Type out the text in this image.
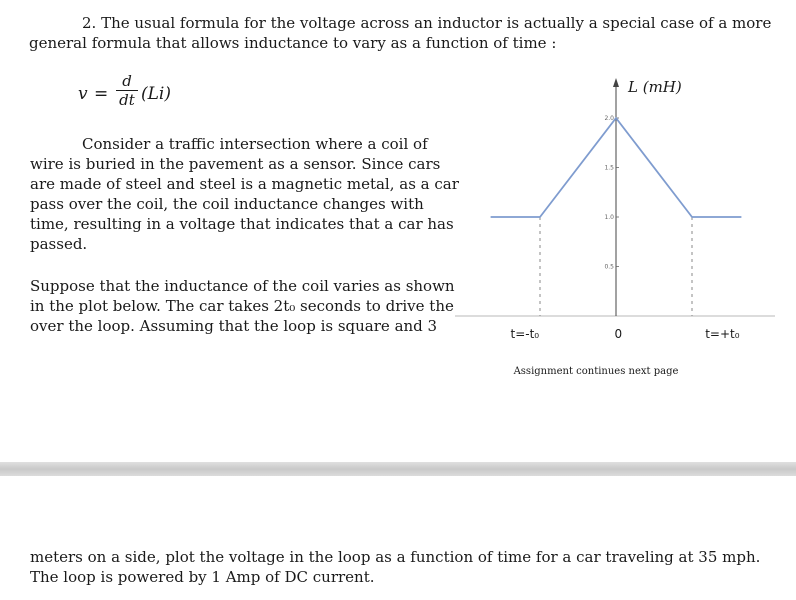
2. The usual formula for the voltage across an inductor is actually a special case of a more
general formula that allows inductance to vary as a function of time :
v =
d
dt (Li)
Consider a traffic intersection where a coil of
wire is buried in the pavement as a sensor. Since cars
are made of steel and steel is a magnetic metal, as a car
pass over the coil, the coil inductance changes with
time, resulting in a voltage that indicates that a car has
passed.
Suppose that the inductance of the coil varies as shown
in the plot below. The car takes 2t₀ seconds to drive the
over the loop. Assuming that the loop is square and 3
meters on a side, plot the voltage in the loop as a function of time for a car traveling at 35 mph.
The loop is powered by 1 Amp of DC current.
0.5
1.0
1.5
2.0
t=-t₀	0	t=+t₀
L (mH)
Assignment continues next page
